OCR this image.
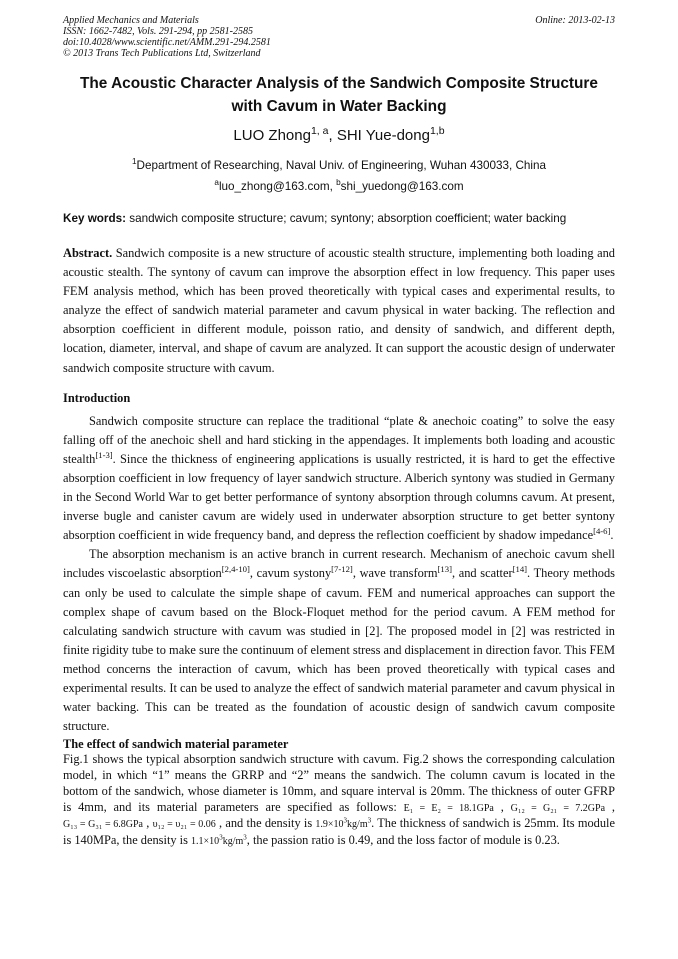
Applied Mechanics and Materials
ISSN: 1662-7482, Vols. 291-294, pp 2581-2585
doi:10.4028/www.scientific.net/AMM.291-294.2581
© 2013 Trans Tech Publications Ltd, Switzerland
Online: 2013-02-13
The Acoustic Character Analysis of the Sandwich Composite Structure
with Cavum in Water Backing
LUO Zhong$^{1, a}$, SHI Yue-dong$^{1,b}$
$^1$Department of Researching, Naval Univ. of Engineering, Wuhan 430033, China
$^a$luo_zhong@163.com, $^b$shi_yuedong@163.com
Key words: sandwich composite structure; cavum; syntony; absorption coefficient; water backing

Abstract. Sandwich composite is a new structure of acoustic stealth structure, implementing both loading and acoustic stealth. The syntony of cavum can improve the absorption effect in low frequency. This paper uses FEM analysis method, which has been proved theoretically with typical cases and experimental results, to analyze the effect of sandwich material parameter and cavum physical in water backing. The reflection and absorption coefficient in different module, poisson ratio, and density of sandwich, and different depth, location, diameter, interval, and shape of cavum are analyzed. It can support the acoustic design of underwater sandwich composite structure with cavum.

Introduction

Sandwich composite structure can replace the traditional “plate & anechoic coating” to solve the easy falling off of the anechoic shell and hard sticking in the appendages. It implements both loading and acoustic stealth[1-3]. Since the thickness of engineering applications is usually restricted, it is hard to get the effective absorption coefficient in low frequency of layer sandwich structure. Alberich syntony was studied in Germany in the Second World War to get better performance of syntony absorption through columns cavum. At present, inverse bugle and canister cavum are widely used in underwater absorption structure to get better syntony absorption coefficient in wide frequency band, and depress the reflection coefficient by shadow impedance[4-6].

The absorption mechanism is an active branch in current research. Mechanism of anechoic cavum shell includes viscoelastic absorption[2,4-10], cavum systony[7-12], wave transform[13], and scatter[14]. Theory methods can only be used to calculate the simple shape of cavum. FEM and numerical approaches can support the complex shape of cavum based on the Block-Floquet method for the period cavum. A FEM method for calculating sandwich structure with cavum was studied in [2]. The proposed model in [2] was restricted in finite rigidity tube to make sure the continuum of element stress and displacement in direction favor. This FEM method concerns the interaction of cavum, which has been proved theoretically with typical cases and experimental results. It can be used to analyze the effect of sandwich material parameter and cavum physical in water backing. This can be treated as the foundation of acoustic design of sandwich cavum composite structure.

The effect of sandwich material parameter

Fig.1 shows the typical absorption sandwich structure with cavum. Fig.2 shows the corresponding calculation model, in which “1” means the GRRP and “2” means the sandwich. The column cavum is located in the bottom of the sandwich, whose diameter is 10mm, and square interval is 20mm. The thickness of outer GFRP is 4mm, and its material parameters are specified as follows: E₁ = E₂ = 18.1GPa , G₁₂ = G₂₁ = 7.2GPa , G₁₃ = G₃₁ = 6.8GPa , υ₁₂ = υ₂₁ = 0.06 , and the density is $1.9\times 10^3kg/m^3$. The thickness of sandwich is 25mm. Its module is 140MPa, the density is $1.1\times 10^3kg/m^3$, the passion ratio is 0.49, and the loss factor of module is 0.23.
